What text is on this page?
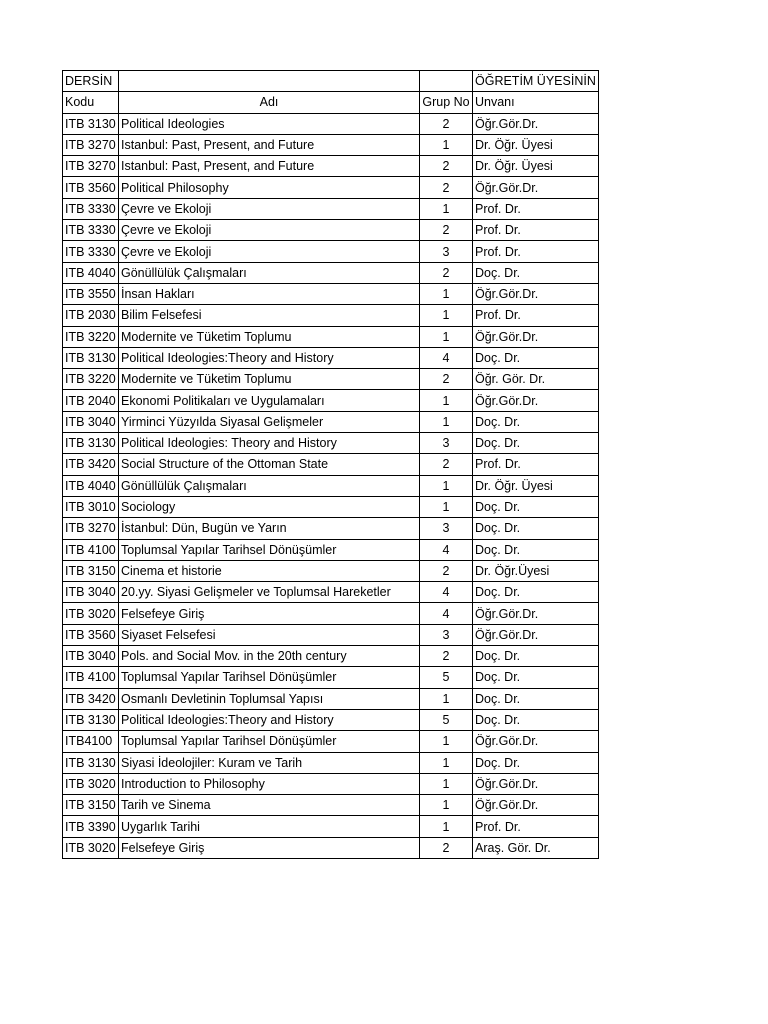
DERSİN			ÖĞRETİM ÜYESİNİN
Kodu	Adı	Grup No	Unvanı
ITB 3130	Political Ideologies	2	Öğr.Gör.Dr.
ITB 3270	Istanbul: Past, Present, and Future	1	Dr. Öğr. Üyesi
ITB 3270	Istanbul: Past, Present, and Future	2	Dr. Öğr. Üyesi
ITB 3560	Political Philosophy	2	Öğr.Gör.Dr.
ITB 3330	Çevre ve Ekoloji	1	Prof. Dr.
ITB 3330	Çevre ve Ekoloji	2	Prof. Dr.
ITB 3330	Çevre ve Ekoloji	3	Prof. Dr.
ITB 4040	Gönüllülük Çalışmaları	2	Doç. Dr.
ITB 3550	İnsan Hakları	1	Öğr.Gör.Dr.
ITB 2030	Bilim Felsefesi	1	Prof. Dr.
ITB 3220	Modernite ve Tüketim Toplumu	1	Öğr.Gör.Dr.
ITB 3130	Political Ideologies:Theory and History	4	Doç. Dr.
ITB 3220	Modernite ve Tüketim Toplumu	2	Öğr. Gör. Dr.
ITB 2040	Ekonomi Politikaları ve Uygulamaları	1	Öğr.Gör.Dr.
ITB 3040	Yirminci Yüzyılda Siyasal Gelişmeler	1	Doç. Dr.
ITB 3130	Political Ideologies: Theory and History	3	Doç. Dr.
ITB 3420	Social Structure of the Ottoman State	2	Prof. Dr.
ITB 4040	Gönüllülük Çalışmaları	1	Dr. Öğr. Üyesi
ITB 3010	Sociology	1	Doç. Dr.
ITB 3270	İstanbul: Dün, Bugün ve Yarın	3	Doç. Dr.
ITB 4100	Toplumsal Yapılar Tarihsel Dönüşümler	4	Doç. Dr.
ITB 3150	Cinema et historie	2	Dr. Öğr.Üyesi
ITB 3040	20.yy. Siyasi Gelişmeler ve Toplumsal Hareketler	4	Doç. Dr.
ITB 3020	Felsefeye Giriş	4	Öğr.Gör.Dr.
ITB 3560	Siyaset Felsefesi	3	Öğr.Gör.Dr.
ITB 3040	Pols. and Social Mov. in the 20th century	2	Doç. Dr.
ITB 4100	Toplumsal Yapılar Tarihsel Dönüşümler	5	Doç. Dr.
ITB 3420	Osmanlı Devletinin Toplumsal Yapısı	1	Doç. Dr.
ITB 3130	Political Ideologies:Theory and History	5	Doç. Dr.
ITB4100	Toplumsal Yapılar Tarihsel Dönüşümler	1	Öğr.Gör.Dr.
ITB 3130	Siyasi İdeolojiler: Kuram ve Tarih	1	Doç. Dr.
ITB 3020	Introduction to Philosophy	1	Öğr.Gör.Dr.
ITB 3150	Tarih ve Sinema	1	Öğr.Gör.Dr.
ITB 3390	Uygarlık Tarihi	1	Prof. Dr.
ITB 3020	Felsefeye Giriş	2	Araş. Gör. Dr.
